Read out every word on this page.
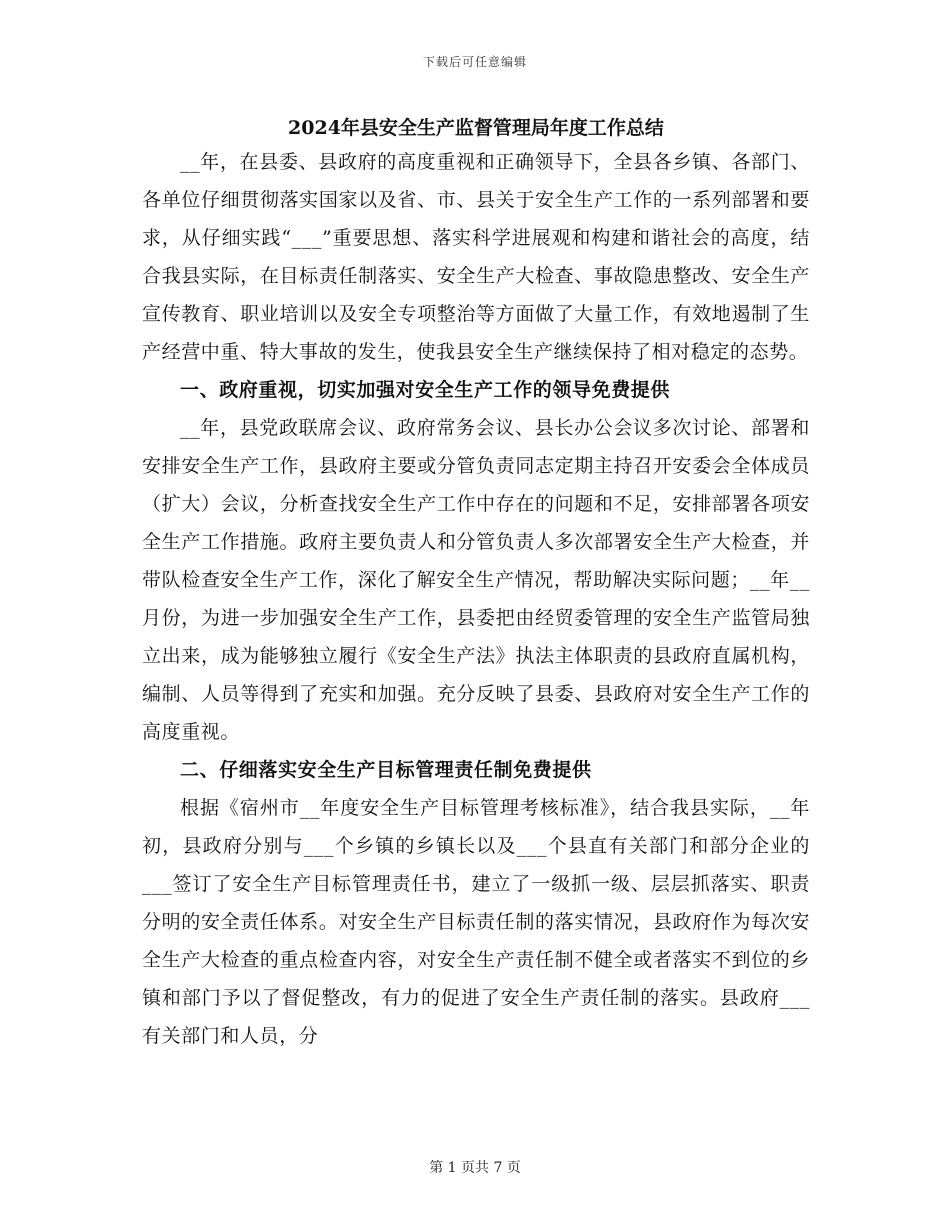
下载后可任意编辑
2024年县安全生产监督管理局年度工作总结

__年，在县委、县政府的高度重视和正确领导下，全县各乡镇、各部门、各单位仔细贯彻落实国家以及省、市、县关于安全生产工作的一系列部署和要求，从仔细实践“___”重要思想、落实科学进展观和构建和谐社会的高度，结合我县实际，在目标责任制落实、安全生产大检查、事故隐患整改、安全生产宣传教育、职业培训以及安全专项整治等方面做了大量工作，有效地遏制了生产经营中重、特大事故的发生，使我县安全生产继续保持了相对稳定的态势。

一、政府重视，切实加强对安全生产工作的领导免费提供

__年，县党政联席会议、政府常务会议、县长办公会议多次讨论、部署和安排安全生产工作，县政府主要或分管负责同志定期主持召开安委会全体成员（扩大）会议，分析查找安全生产工作中存在的问题和不足，安排部署各项安全生产工作措施。政府主要负责人和分管负责人多次部署安全生产大检查，并带队检查安全生产工作，深化了解安全生产情况，帮助解决实际问题；__年__月份，为进一步加强安全生产工作，县委把由经贸委管理的安全生产监管局独立出来，成为能够独立履行《安全生产法》执法主体职责的县政府直属机构，编制、人员等得到了充实和加强。充分反映了县委、县政府对安全生产工作的高度重视。

二、仔细落实安全生产目标管理责任制免费提供

根据《宿州市__年度安全生产目标管理考核标准》，结合我县实际，__年初，县政府分别与___个乡镇的乡镇长以及___个县直有关部门和部分企业的___签订了安全生产目标管理责任书，建立了一级抓一级、层层抓落实、职责分明的安全责任体系。对安全生产目标责任制的落实情况，县政府作为每次安全生产大检查的重点检查内容，对安全生产责任制不健全或者落实不到位的乡镇和部门予以了督促整改，有力的促进了安全生产责任制的落实。县政府___有关部门和人员，分

第 1 页共 7 页
